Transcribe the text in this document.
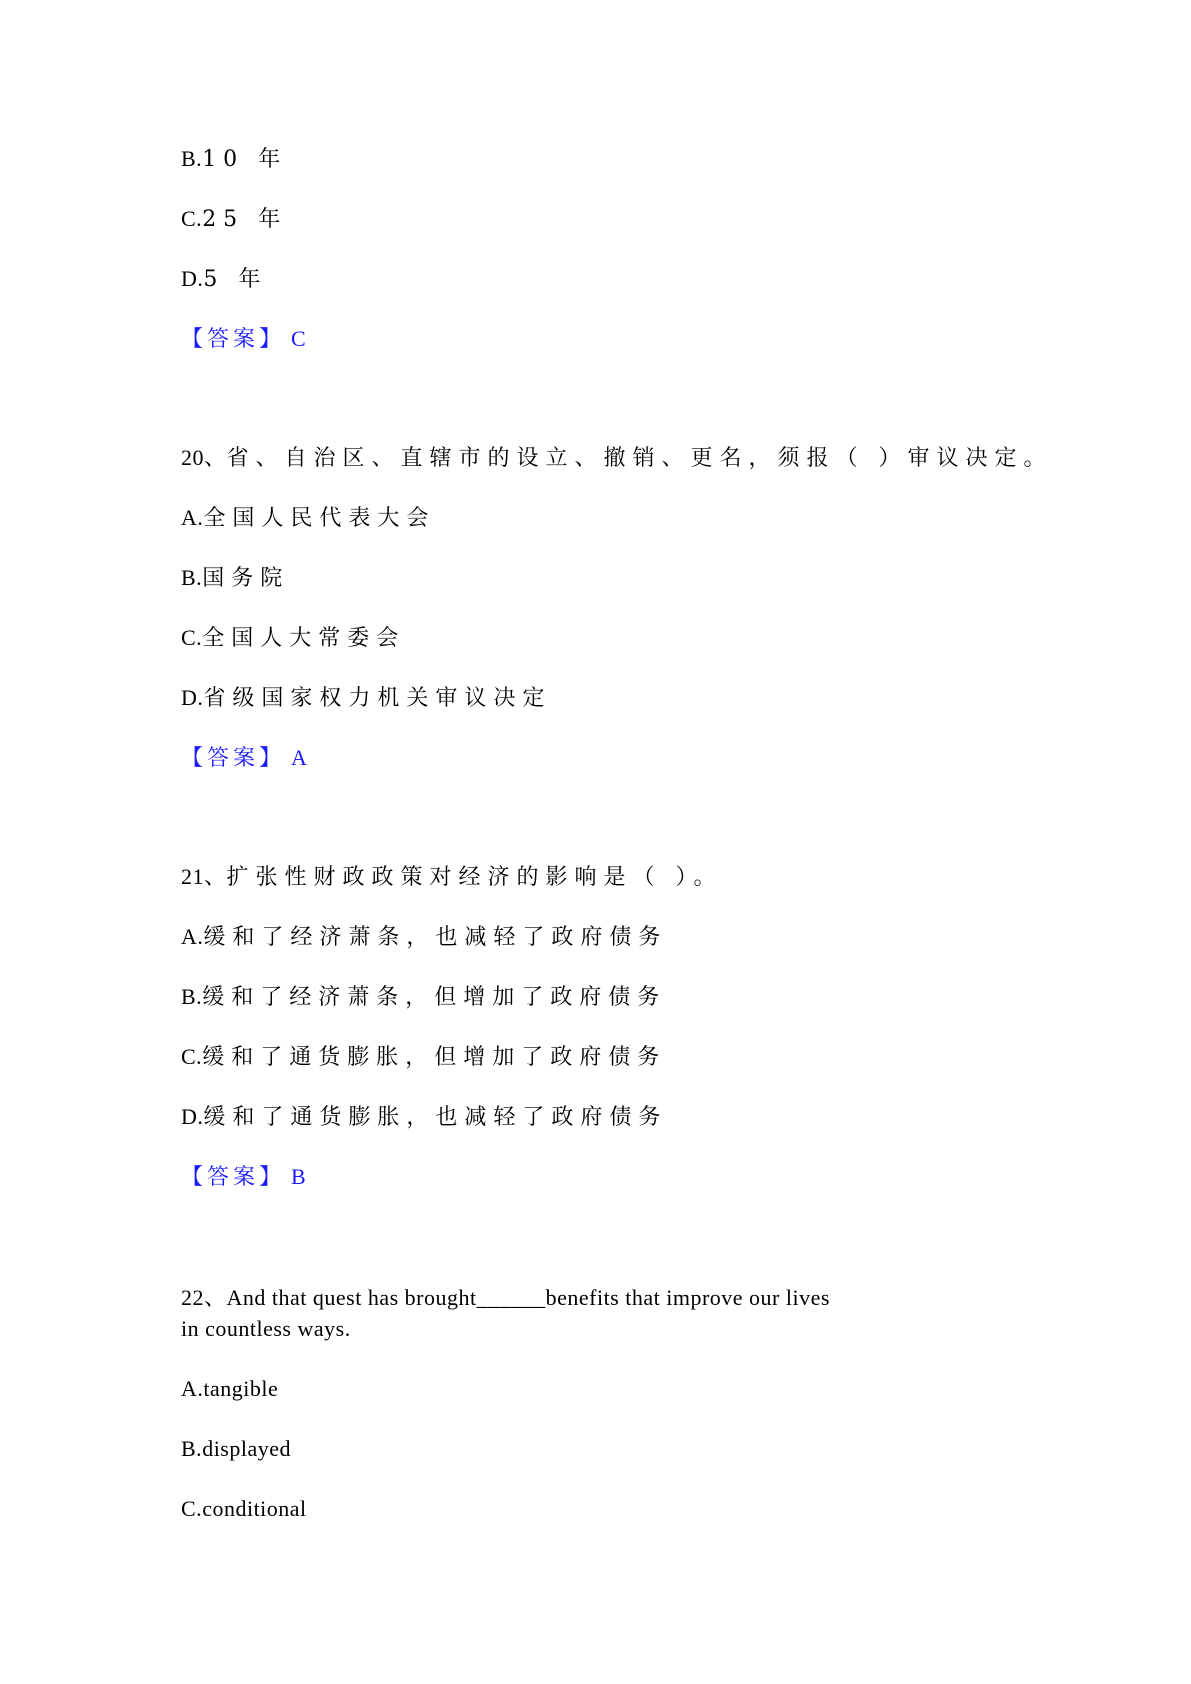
B.10 年
C.25 年
D.5 年
【答案】 C
20、省、自治区、直辖市的设立、撤销、更名，须报（ ）审议决定。
A.全国人民代表大会
B.国务院
C.全国人大常委会
D.省级国家权力机关审议决定
【答案】 A
21、扩张性财政政策对经济的影响是（ ）。
A.缓和了经济萧条，也减轻了政府债务
B.缓和了经济萧条，但增加了政府债务
C.缓和了通货膨胀，但增加了政府债务
D.缓和了通货膨胀，也减轻了政府债务
【答案】 B
22、And that quest has brought______benefits that improve our lives
in countless ways.
A.tangible
B.displayed
C.conditional
